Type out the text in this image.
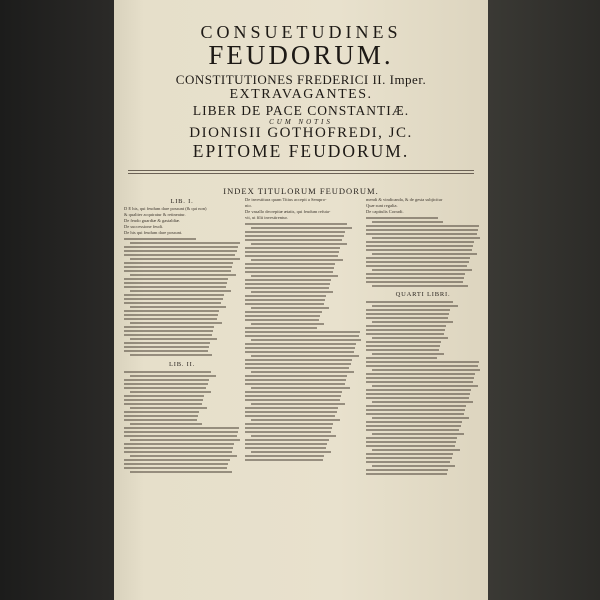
CONSUETUDINES
FEUDORUM.
CONSTITUTIONES FREDERICI II. Imper.
EXTRAVAGANTES.
LIBER DE PACE CONSTANTIÆ.
CUM NOTIS
DIONISII GOTHOFREDI, JC.
EPITOME FEUDORUM.
INDEX TITULORUM FEUDORUM.
LIB. I.
D E his, qui feudum dare possunt (& qui non)
& qualiter acquiratur & retineatur.
De feudo guardiæ & gastaldiæ.
De successione feudi.
De his qui feudum dare possunt.
LIB. II.
De investitura quam Titius accepit a Sempro-
nio.
De vasallo decrepitæ ætatis, qui feudum refuta-
vit, ut filii investirentur.
mendi & vindicanda, & de gesta subjicitur
Quæ sunt regalia.
De capitulis Corradi.
QUARTI LIBRI.
